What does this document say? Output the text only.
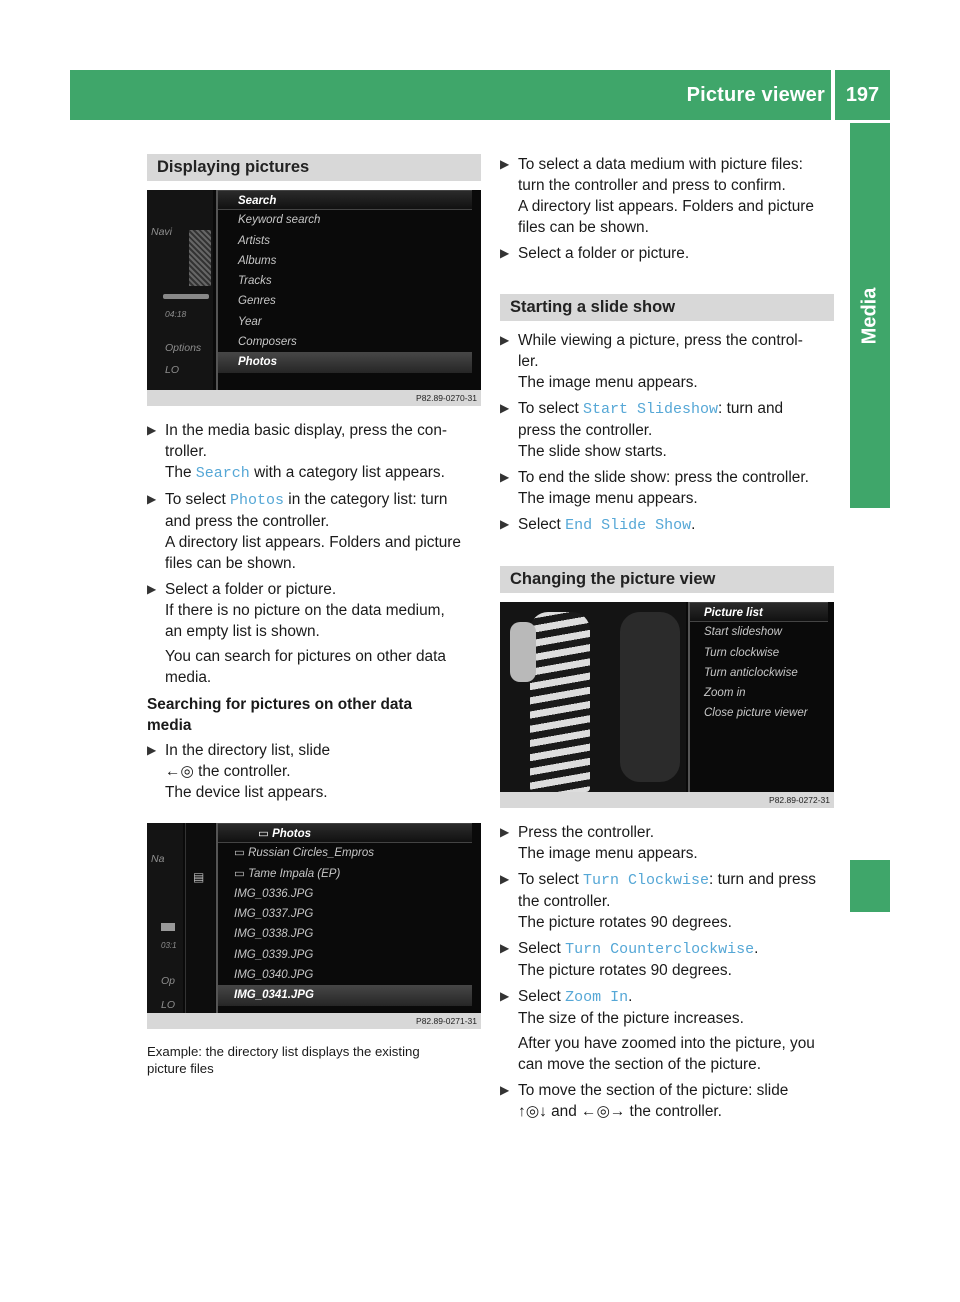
Picture viewer	197
Media
Displaying pictures
Navi
04:18
Options
LO
Search
Keyword search
Artists
Albums
Tracks
Genres
Year
Composers
Photos
P82.89-0270-31
▶ In the media basic display, press the con-
troller.
The Search with a category list appears.
▶ To select Photos in the category list: turn
and press the controller.
A directory list appears. Folders and picture
files can be shown.
▶ Select a folder or picture.
If there is no picture on the data medium,
an empty list is shown.
You can search for pictures on other data
media.
Searching for pictures on other data
media
▶ In the directory list, slide
←◎ the controller.
The device list appears.
Na
03:1
Op
LO
▤
▭ Photos
▭ Russian Circles_Empros
▭ Tame Impala (EP)
IMG_0336.JPG
IMG_0337.JPG
IMG_0338.JPG
IMG_0339.JPG
IMG_0340.JPG
IMG_0341.JPG
P82.89-0271-31
Example: the directory list displays the existing
picture files
▶ To select a data medium with picture files:
turn the controller and press to confirm.
A directory list appears. Folders and picture
files can be shown.
▶ Select a folder or picture.
Starting a slide show
▶ While viewing a picture, press the control-
ler.
The image menu appears.
▶ To select Start Slideshow: turn and
press the controller.
The slide show starts.
▶ To end the slide show: press the controller.
The image menu appears.
▶ Select End Slide Show.
Changing the picture view
Picture list
Start slideshow
Turn clockwise
Turn anticlockwise
Zoom in
Close picture viewer
P82.89-0272-31
▶ Press the controller.
The image menu appears.
▶ To select Turn Clockwise: turn and press
the controller.
The picture rotates 90 degrees.
▶ Select Turn Counterclockwise.
The picture rotates 90 degrees.
▶ Select Zoom In.
The size of the picture increases.
After you have zoomed into the picture, you
can move the section of the picture.
▶ To move the section of the picture: slide
↑◎↓ and ←◎→ the controller.
